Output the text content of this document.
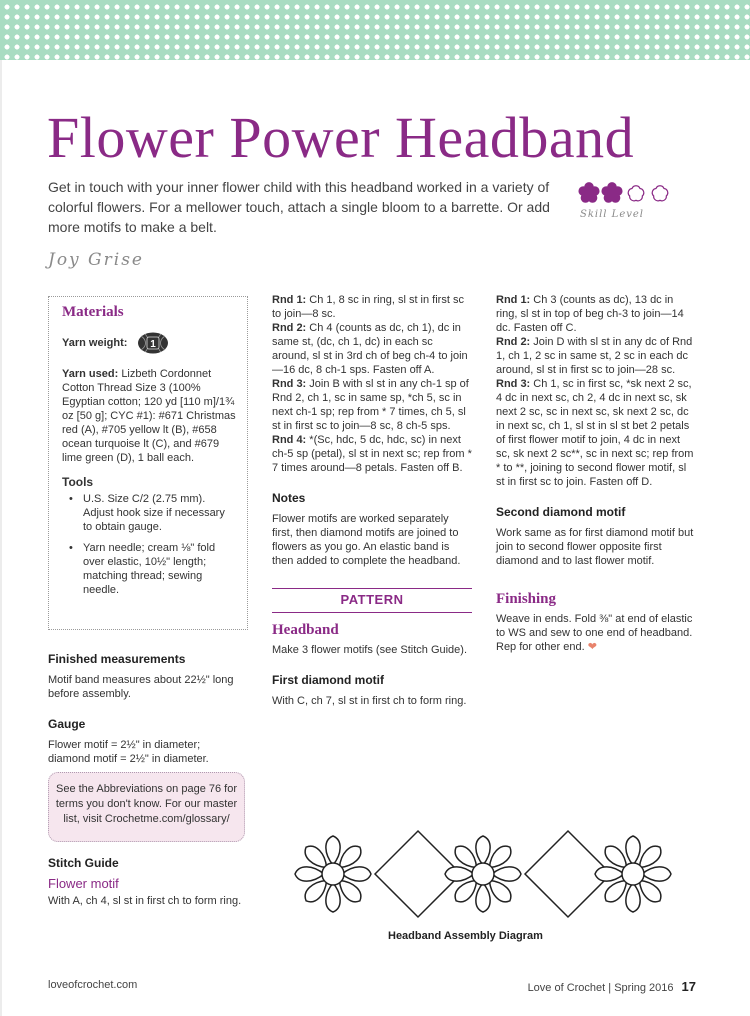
Flower Power Headband
Get in touch with your inner flower child with this headband worked in a variety of colorful flowers. For a mellower touch, attach a single bloom to a barrette. Or add more motifs to make a belt.
Skill Level
Joy Grise
Materials
Yarn weight: 1

Yarn used: Lizbeth Cordonnet Cotton Thread Size 3 (100% Egyptian cotton; 120 yd [110 m]/1¾ oz [50 g]; CYC #1): #671 Christmas red (A), #705 yellow lt (B), #658 ocean turquoise lt (C), and #679 lime green (D), 1 ball each.

Tools
• U.S. Size C/2 (2.75 mm). Adjust hook size if necessary to obtain gauge.
• Yarn needle; cream ⅛" fold over elastic, 10½" length; matching thread; sewing needle.
Finished measurements

Motif band measures about 22½" long before assembly.

Gauge

Flower motif = 2½" in diameter; diamond motif = 2½" in diameter.

See the Abbreviations on page 76 for terms you don't know. For our master list, visit Crochetme.com/glossary/
Stitch Guide
Flower motif

With A, ch 4, sl st in first ch to form ring.

Rnd 1: Ch 1, 8 sc in ring, sl st in first sc to join—8 sc.

Rnd 2: Ch 4 (counts as dc, ch 1), dc in same st, (dc, ch 1, dc) in each sc around, sl st in 3rd ch of beg ch-4 to join—16 dc, 8 ch-1 sps. Fasten off A.

Rnd 3: Join B with sl st in any ch-1 sp of Rnd 2, ch 1, sc in same sp, *ch 5, sc in next ch-1 sp; rep from * 7 times, ch 5, sl st in first sc to join—8 sc, 8 ch-5 sps.

Rnd 4: *(Sc, hdc, 5 dc, hdc, sc) in next ch-5 sp (petal), sl st in next sc; rep from * 7 times around—8 petals. Fasten off B.

Notes

Flower motifs are worked separately first, then diamond motifs are joined to flowers as you go. An elastic band is then added to complete the headband.

PATTERN
Headband

Make 3 flower motifs (see Stitch Guide).

First diamond motif

With C, ch 7, sl st in first ch to form ring.

Rnd 1: Ch 3 (counts as dc), 13 dc in ring, sl st in top of beg ch-3 to join—14 dc. Fasten off C.

Rnd 2: Join D with sl st in any dc of Rnd 1, ch 1, 2 sc in same st, 2 sc in each dc around, sl st in first sc to join—28 sc.

Rnd 3: Ch 1, sc in first sc, *sk next 2 sc, 4 dc in next sc, ch 2, 4 dc in next sc, sk next 2 sc, sc in next sc, sk next 2 sc, dc in next sc, ch 1, sl st in sl st bet 2 petals of first flower motif to join, 4 dc in next sc, sk next 2 sc**, sc in next sc; rep from * to **, joining to second flower motif, sl st in first sc to join. Fasten off D.

Second diamond motif

Work same as for first diamond motif but join to second flower opposite first diamond and to last flower motif.

Finishing

Weave in ends. Fold ⅜" at end of elastic to WS and sew to one end of headband. Rep for other end. ❤

Headband Assembly Diagram
loveofcrochet.com	Love of Crochet | Spring 2016 17
